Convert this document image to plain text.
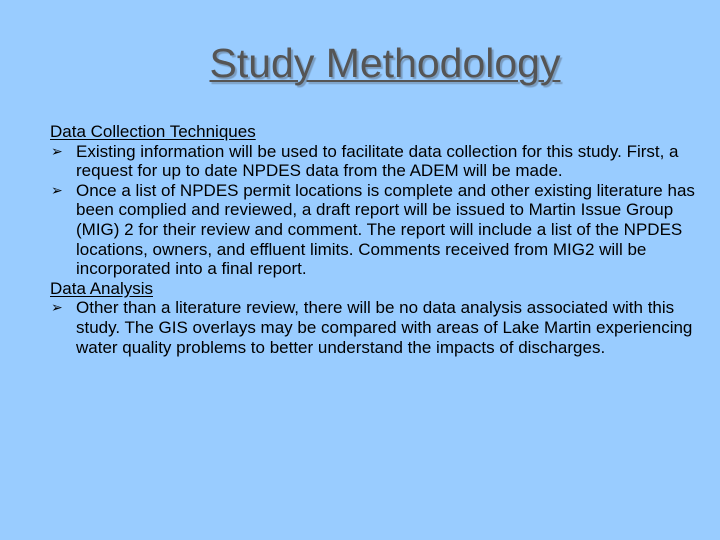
Study Methodology
Data Collection Techniques
➢ Existing information will be used to facilitate data collection for this study. First, a request for up to date NPDES data from the ADEM will be made.
➢ Once a list of NPDES permit locations is complete and other existing literature has been complied and reviewed, a draft report will be issued to Martin Issue Group (MIG) 2 for their review and comment. The report will include a list of the NPDES locations, owners, and effluent limits. Comments received from MIG2 will be incorporated into a final report.
Data Analysis
➢ Other than a literature review, there will be no data analysis associated with this study. The GIS overlays may be compared with areas of Lake Martin experiencing water quality problems to better understand the impacts of discharges.
